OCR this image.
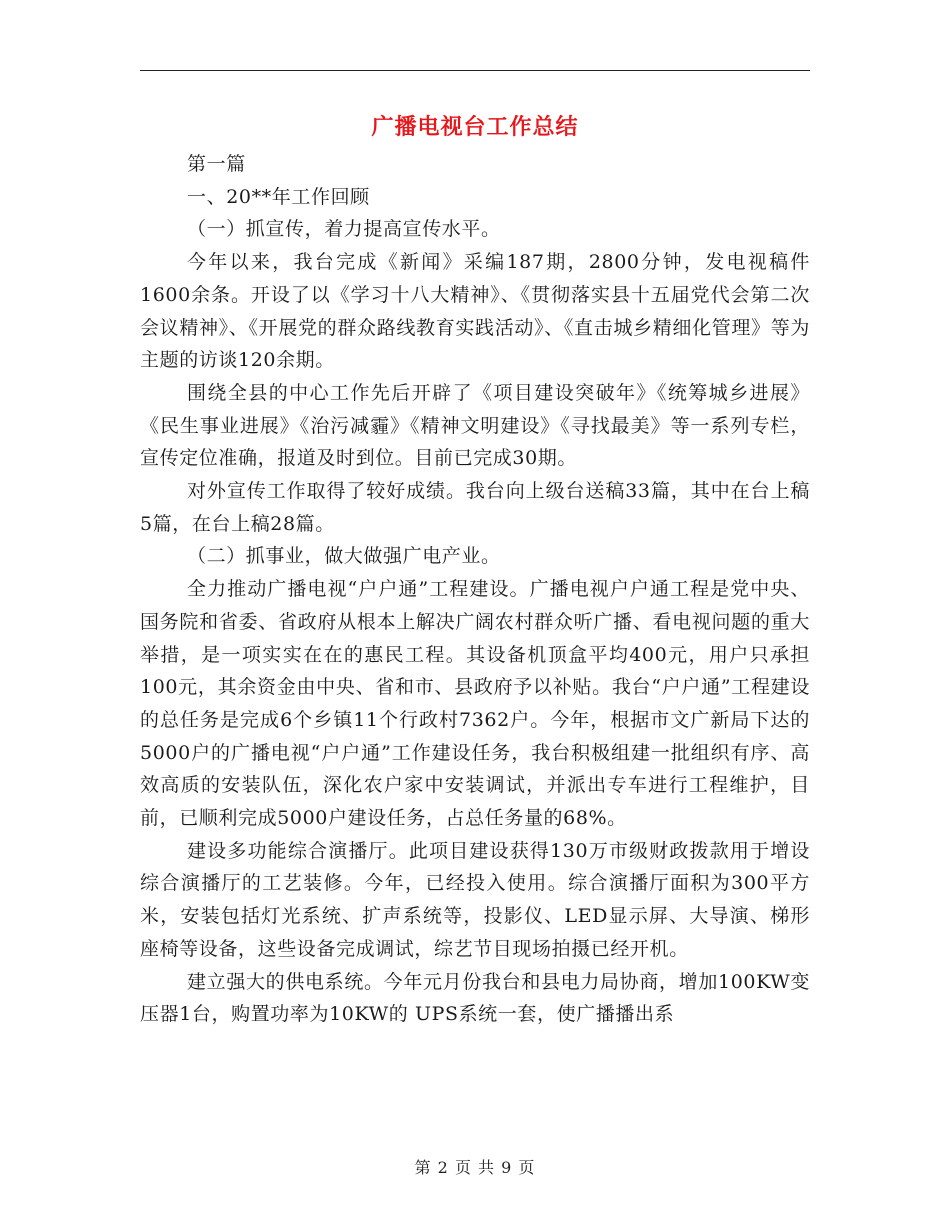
广播电视台工作总结

第一篇

一、20**年工作回顾

（一）抓宣传，着力提高宣传水平。

今年以来，我台完成《新闻》采编187期，2800分钟，发电视稿件1600余条。开设了以《学习十八大精神》、《贯彻落实县十五届党代会第二次会议精神》、《开展党的群众路线教育实践活动》、《直击城乡精细化管理》等为主题的访谈120余期。

围绕全县的中心工作先后开辟了《项目建设突破年》《统筹城乡进展》《民生事业进展》《治污减霾》《精神文明建设》《寻找最美》等一系列专栏，宣传定位准确，报道及时到位。目前已完成30期。

对外宣传工作取得了较好成绩。我台向上级台送稿33篇，其中在台上稿5篇，在台上稿28篇。

（二）抓事业，做大做强广电产业。

全力推动广播电视“户户通”工程建设。广播电视户户通工程是党中央、国务院和省委、省政府从根本上解决广阔农村群众听广播、看电视问题的重大举措，是一项实实在在的惠民工程。其设备机顶盒平均400元，用户只承担100元，其余资金由中央、省和市、县政府予以补贴。我台“户户通”工程建设的总任务是完成6个乡镇11个行政村7362户。今年，根据市文广新局下达的5000户的广播电视“户户通”工作建设任务，我台积极组建一批组织有序、高效高质的安装队伍，深化农户家中安装调试，并派出专车进行工程维护，目前，已顺利完成5000户建设任务，占总任务量的68%。

建设多功能综合演播厅。此项目建设获得130万市级财政拨款用于增设综合演播厅的工艺装修。今年，已经投入使用。综合演播厅面积为300平方米，安装包括灯光系统、扩声系统等，投影仪、LED显示屏、大导演、梯形座椅等设备，这些设备完成调试，综艺节目现场拍摄已经开机。

建立强大的供电系统。今年元月份我台和县电力局协商，增加100KW变压器1台，购置功率为10KW的 UPS系统一套，使广播播出系

第 2 页 共 9 页
